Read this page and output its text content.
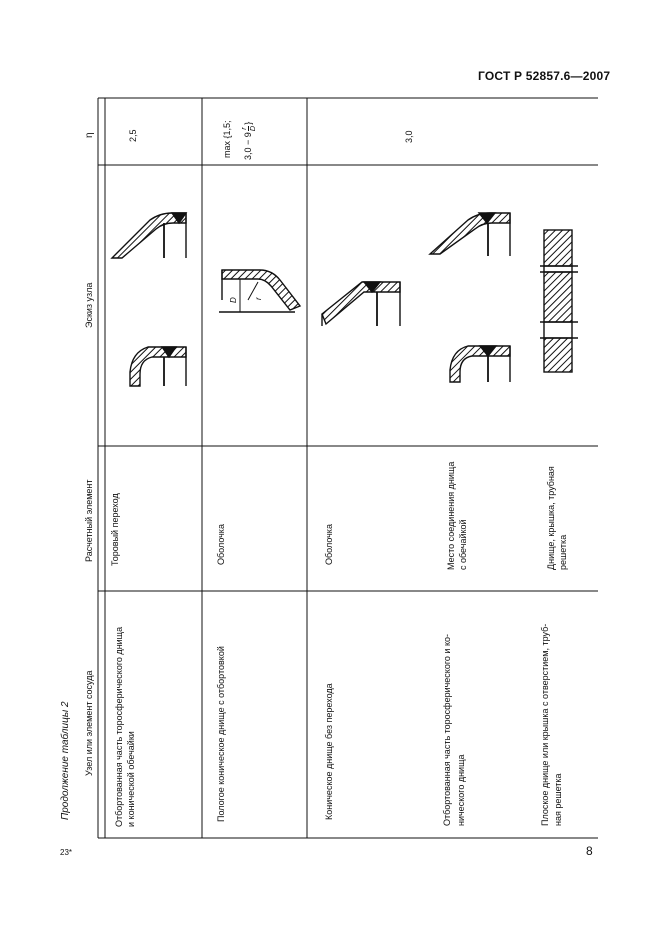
ГОСТ Р 52857.6—2007
23*	8
Продолжение таблицы 2 Узел или элемент сосуда
Расчетный элемент
Эскиз узла
η
Отбортованная часть торосферического днища и конической обечайки
Торовый переход
2,5
Пологое коническое днище с отбортовкой
Оболочка
max {1,5;	3,0 − 9
r D
}
Коническое днище без перехода
Оболочка
3,0
Отбортованная часть торосферического и ко- нического днища
Место соединения днища с обечайкой
Плоское днище или крышка с отверстием, труб- ная решетка
Днище, крышка, трубная решетка
D r
